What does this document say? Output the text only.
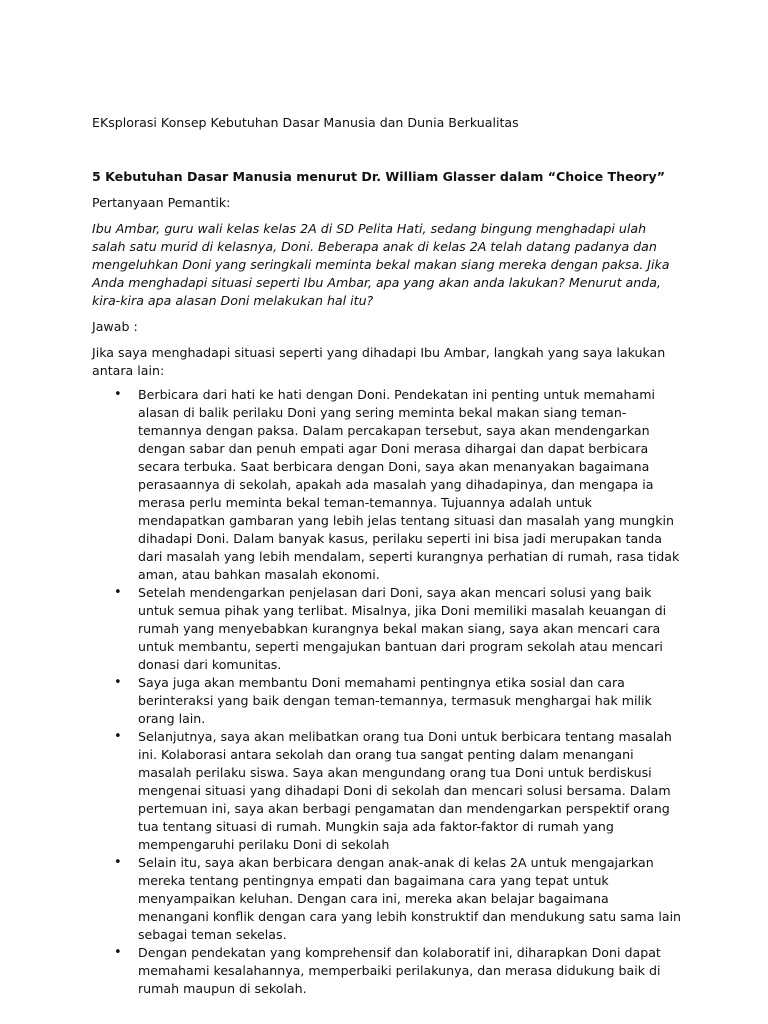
EKsplorasi Konsep Kebutuhan Dasar Manusia dan Dunia Berkualitas

5 Kebutuhan Dasar Manusia menurut Dr. William Glasser dalam “Choice Theory”

Pertanyaan Pemantik:

Ibu Ambar, guru wali kelas kelas 2A di SD Pelita Hati, sedang bingung menghadapi ulah salah satu murid di kelasnya, Doni. Beberapa anak di kelas 2A telah datang padanya dan mengeluhkan Doni yang seringkali meminta bekal makan siang mereka dengan paksa. Jika Anda menghadapi situasi seperti Ibu Ambar, apa yang akan anda lakukan? Menurut anda, kira-kira apa alasan Doni melakukan hal itu?

Jawab :

Jika saya menghadapi situasi seperti yang dihadapi Ibu Ambar, langkah yang saya lakukan antara lain:

• Berbicara dari hati ke hati dengan Doni. Pendekatan ini penting untuk memahami alasan di balik perilaku Doni yang sering meminta bekal makan siang teman-temannya dengan paksa. Dalam percakapan tersebut, saya akan mendengarkan dengan sabar dan penuh empati agar Doni merasa dihargai dan dapat berbicara secara terbuka. Saat berbicara dengan Doni, saya akan menanyakan bagaimana perasaannya di sekolah, apakah ada masalah yang dihadapinya, dan mengapa ia merasa perlu meminta bekal teman-temannya. Tujuannya adalah untuk mendapatkan gambaran yang lebih jelas tentang situasi dan masalah yang mungkin dihadapi Doni. Dalam banyak kasus, perilaku seperti ini bisa jadi merupakan tanda dari masalah yang lebih mendalam, seperti kurangnya perhatian di rumah, rasa tidak aman, atau bahkan masalah ekonomi.
• Setelah mendengarkan penjelasan dari Doni, saya akan mencari solusi yang baik untuk semua pihak yang terlibat. Misalnya, jika Doni memiliki masalah keuangan di rumah yang menyebabkan kurangnya bekal makan siang, saya akan mencari cara untuk membantu, seperti mengajukan bantuan dari program sekolah atau mencari donasi dari komunitas.
• Saya juga akan membantu Doni memahami pentingnya etika sosial dan cara berinteraksi yang baik dengan teman-temannya, termasuk menghargai hak milik orang lain.
• Selanjutnya, saya akan melibatkan orang tua Doni untuk berbicara tentang masalah ini. Kolaborasi antara sekolah dan orang tua sangat penting dalam menangani masalah perilaku siswa. Saya akan mengundang orang tua Doni untuk berdiskusi mengenai situasi yang dihadapi Doni di sekolah dan mencari solusi bersama. Dalam pertemuan ini, saya akan berbagi pengamatan dan mendengarkan perspektif orang tua tentang situasi di rumah. Mungkin saja ada faktor-faktor di rumah yang mempengaruhi perilaku Doni di sekolah
• Selain itu, saya akan berbicara dengan anak-anak di kelas 2A untuk mengajarkan mereka tentang pentingnya empati dan bagaimana cara yang tepat untuk menyampaikan keluhan. Dengan cara ini, mereka akan belajar bagaimana menangani konflik dengan cara yang lebih konstruktif dan mendukung satu sama lain sebagai teman sekelas.
• Dengan pendekatan yang komprehensif dan kolaboratif ini, diharapkan Doni dapat memahami kesalahannya, memperbaiki perilakunya, dan merasa didukung baik di rumah maupun di sekolah.
